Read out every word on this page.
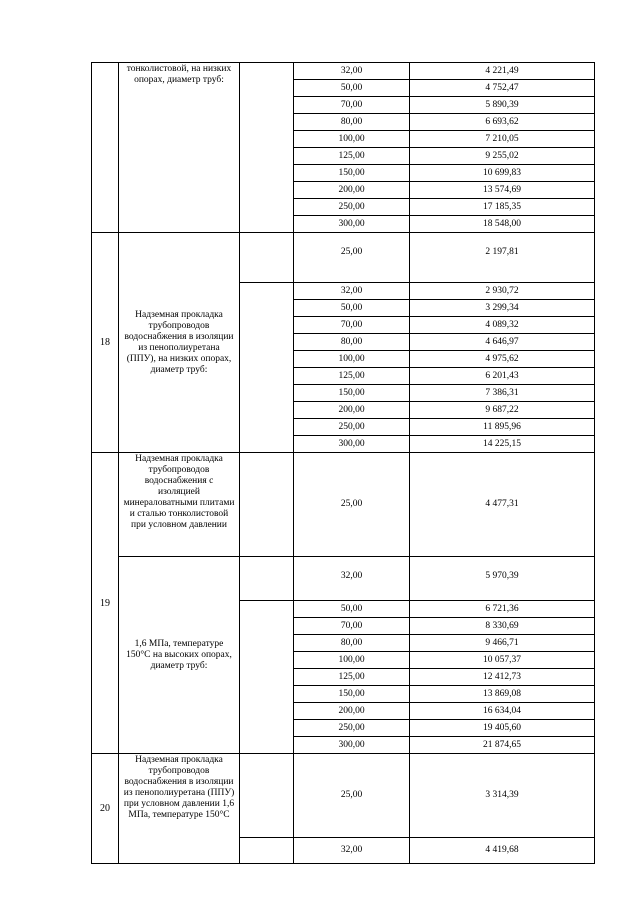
	тонколистовой, на низких опорах, диаметр труб:		32,00	4 221,49
			50,00	4 752,47
			70,00	5 890,39
			80,00	6 693,62
			100,00	7 210,05
			125,00	9 255,02
			150,00	10 699,83
			200,00	13 574,69
			250,00	17 185,35
			300,00	18 548,00
18	Надземная прокладка трубопроводов водоснабжения в изоляции из пенополиуретана (ППУ), на низких опорах, диаметр труб:		25,00	2 197,81
			32,00	2 930,72
			50,00	3 299,34
			70,00	4 089,32
			80,00	4 646,97
			100,00	4 975,62
			125,00	6 201,43
			150,00	7 386,31
			200,00	9 687,22
			250,00	11 895,96
			300,00	14 225,15
19	Надземная прокладка трубопроводов водоснабжения с изоляцией минераловатными плитами и сталью тонколистовой при условном давлении		25,00	4 477,31
	1,6 МПа, температуре 150°С на высоких опорах, диаметр труб:		32,00	5 970,39
			50,00	6 721,36
			70,00	8 330,69
			80,00	9 466,71
			100,00	10 057,37
			125,00	12 412,73
			150,00	13 869,08
			200,00	16 634,04
			250,00	19 405,60
			300,00	21 874,65

20	Надземная прокладка трубопроводов водоснабжения в изоляции из пенополиуретана (ППУ) при условном давлении 1,6 МПа, температуре 150°С		25,00	3 314,39
			32,00	4 419,68
